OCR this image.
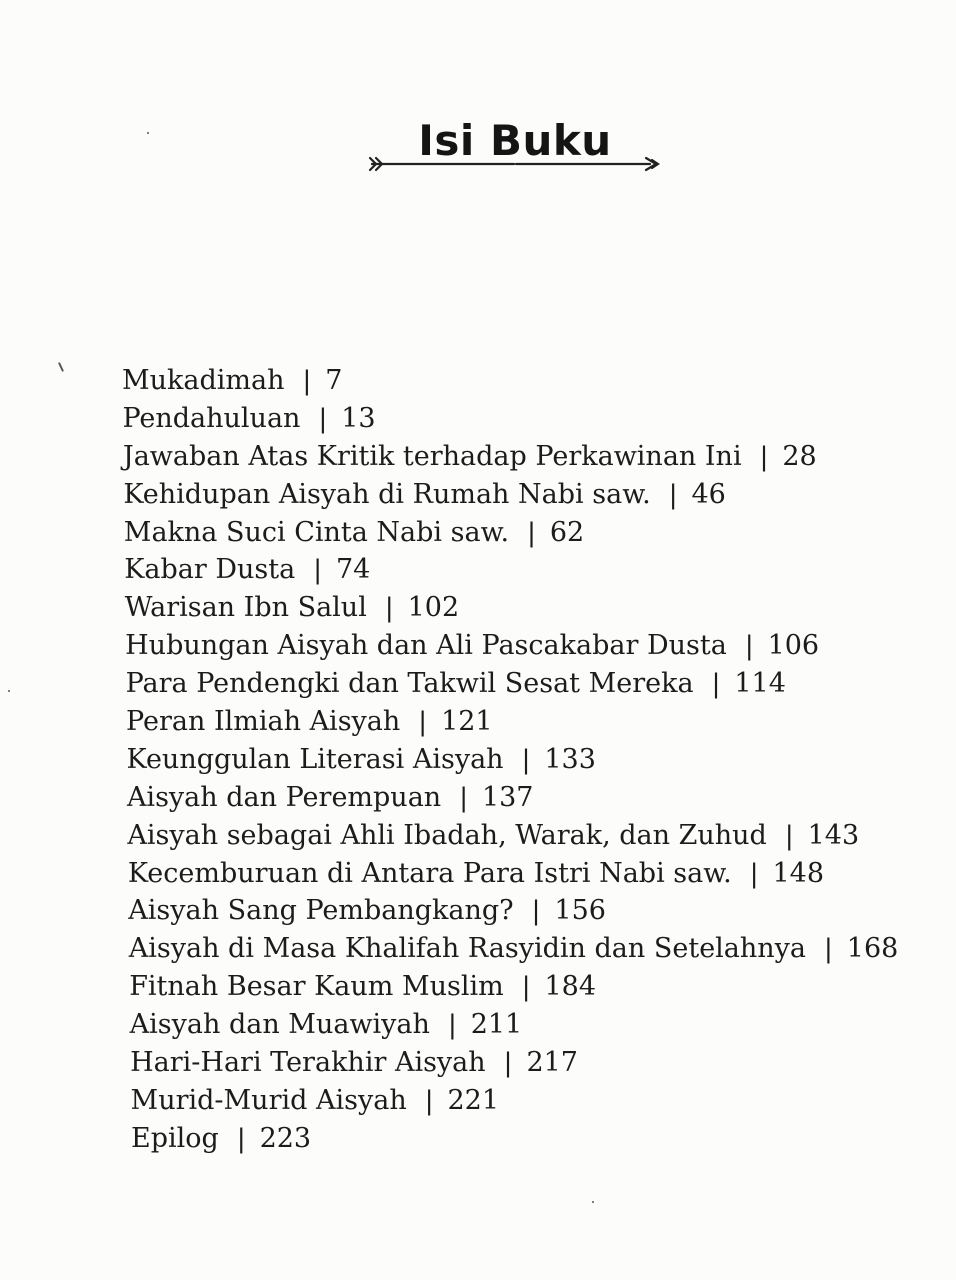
Isi Buku
Mukadimah | 7
Pendahuluan | 13
Jawaban Atas Kritik terhadap Perkawinan Ini | 28
Kehidupan Aisyah di Rumah Nabi saw. | 46
Makna Suci Cinta Nabi saw. | 62
Kabar Dusta | 74
Warisan Ibn Salul | 102
Hubungan Aisyah dan Ali Pascakabar Dusta | 106
Para Pendengki dan Takwil Sesat Mereka | 114
Peran Ilmiah Aisyah | 121
Keunggulan Literasi Aisyah | 133
Aisyah dan Perempuan | 137
Aisyah sebagai Ahli Ibadah, Warak, dan Zuhud | 143
Kecemburuan di Antara Para Istri Nabi saw. | 148
Aisyah Sang Pembangkang? | 156
Aisyah di Masa Khalifah Rasyidin dan Setelahnya | 168
Fitnah Besar Kaum Muslim | 184
Aisyah dan Muawiyah | 211
Hari-Hari Terakhir Aisyah | 217
Murid-Murid Aisyah | 221
Epilog | 223
